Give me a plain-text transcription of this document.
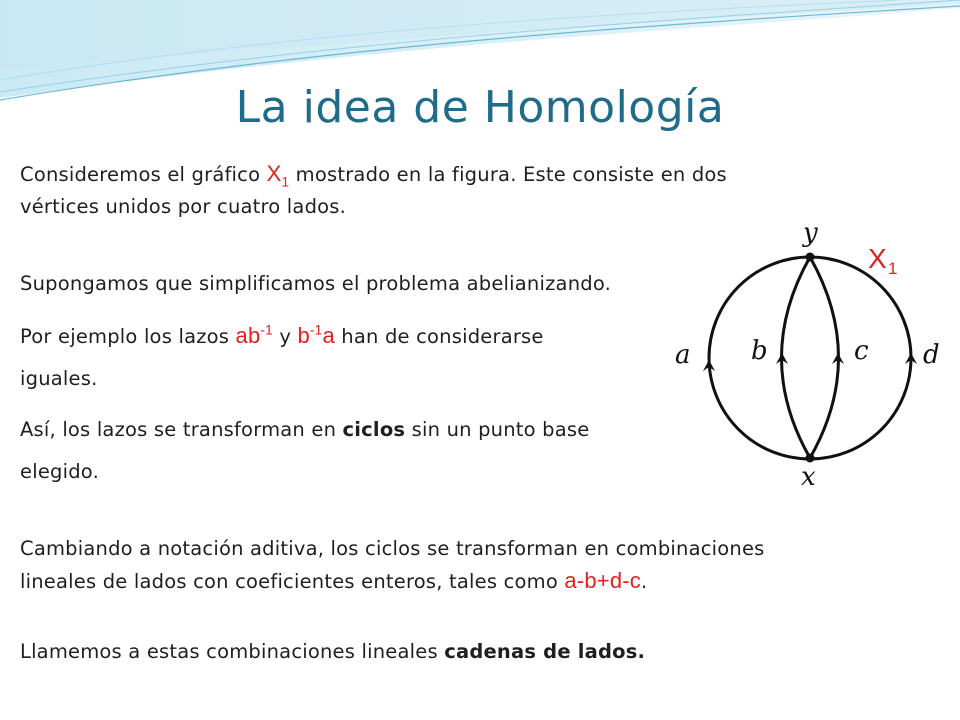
La idea de Homología
Consideremos el gráfico $X_1$ mostrado en la figura. Este consiste en dos
vértices unidos por cuatro lados.
Supongamos que simplificamos el problema abelianizando.
Por ejemplo los lazos $ab^{-1}$ y $b^{-1}a$ han de considerarse
iguales.
Así, los lazos se transforman en ciclos sin un punto base
elegido.
Cambiando a notación aditiva, los ciclos se transforman en combinaciones
lineales de lados con coeficientes enteros, tales como a-b+d-c.
Llamemos a estas combinaciones lineales cadenas de lados.
y
x
a b	c d
X 1
